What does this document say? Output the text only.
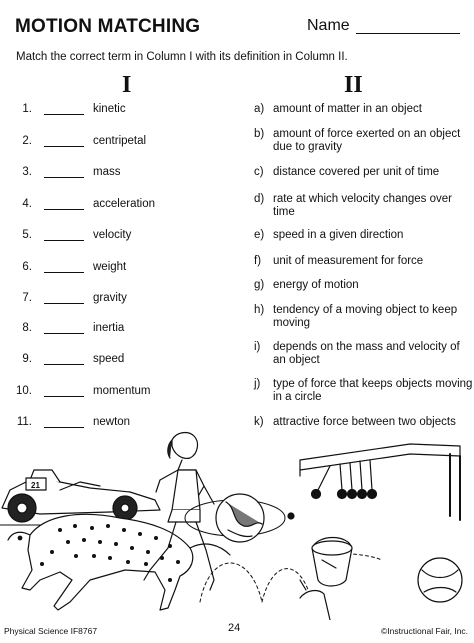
MOTION MATCHING	Name
Match the correct term in Column I with its definition in Column II.
I	II
1.	kinetic
2.	centripetal
3.	mass
4.	acceleration
5.	velocity
6.	weight
7.	gravity
8.	inertia
9.	speed
10.	momentum
11.	newton
a) amount of matter in an object
b) amount of force exerted on an object due to gravity
c) distance covered per unit of time
d) rate at which velocity changes over time
e) speed in a given direction
f)	unit of measurement for force
g) energy of motion
h) tendency of a moving object to keep moving
i)	depends on the mass and velocity of an object
j)	type of force that keeps objects moving in a circle
k) attractive force between two objects
21
Physical Science IF8767	24	©Instructional Fair, Inc.
